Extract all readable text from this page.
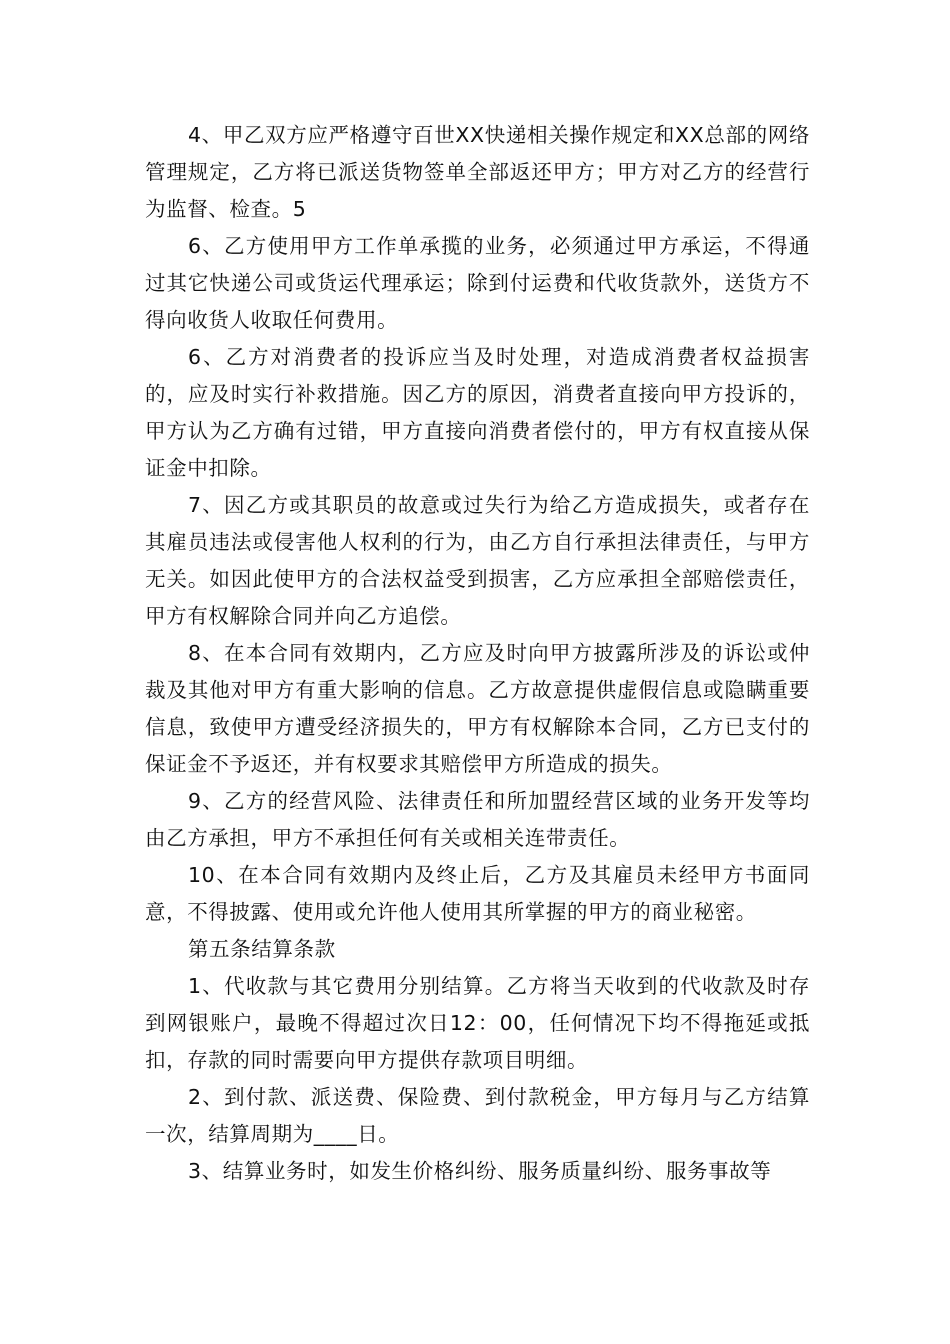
4、甲乙双方应严格遵守百世XX快递相关操作规定和XX总部的网络管理规定，乙方将已派送货物签单全部返还甲方；甲方对乙方的经营行为监督、检查。5

6、乙方使用甲方工作单承揽的业务，必须通过甲方承运，不得通过其它快递公司或货运代理承运；除到付运费和代收货款外，送货方不得向收货人收取任何费用。

6、乙方对消费者的投诉应当及时处理，对造成消费者权益损害的，应及时实行补救措施。因乙方的原因，消费者直接向甲方投诉的，甲方认为乙方确有过错，甲方直接向消费者偿付的，甲方有权直接从保证金中扣除。

7、因乙方或其职员的故意或过失行为给乙方造成损失，或者存在其雇员违法或侵害他人权利的行为，由乙方自行承担法律责任，与甲方无关。如因此使甲方的合法权益受到损害，乙方应承担全部赔偿责任，甲方有权解除合同并向乙方追偿。

8、在本合同有效期内，乙方应及时向甲方披露所涉及的诉讼或仲裁及其他对甲方有重大影响的信息。乙方故意提供虚假信息或隐瞒重要信息，致使甲方遭受经济损失的，甲方有权解除本合同，乙方已支付的保证金不予返还，并有权要求其赔偿甲方所造成的损失。

9、乙方的经营风险、法律责任和所加盟经营区域的业务开发等均由乙方承担，甲方不承担任何有关或相关连带责任。

10、在本合同有效期内及终止后，乙方及其雇员未经甲方书面同意，不得披露、使用或允许他人使用其所掌握的甲方的商业秘密。

第五条结算条款

1、代收款与其它费用分别结算。乙方将当天收到的代收款及时存到网银账户，最晚不得超过次日12：00，任何情况下均不得拖延或抵扣，存款的同时需要向甲方提供存款项目明细。

2、到付款、派送费、保险费、到付款税金，甲方每月与乙方结算一次，结算周期为____日。

3、结算业务时，如发生价格纠纷、服务质量纠纷、服务事故等
